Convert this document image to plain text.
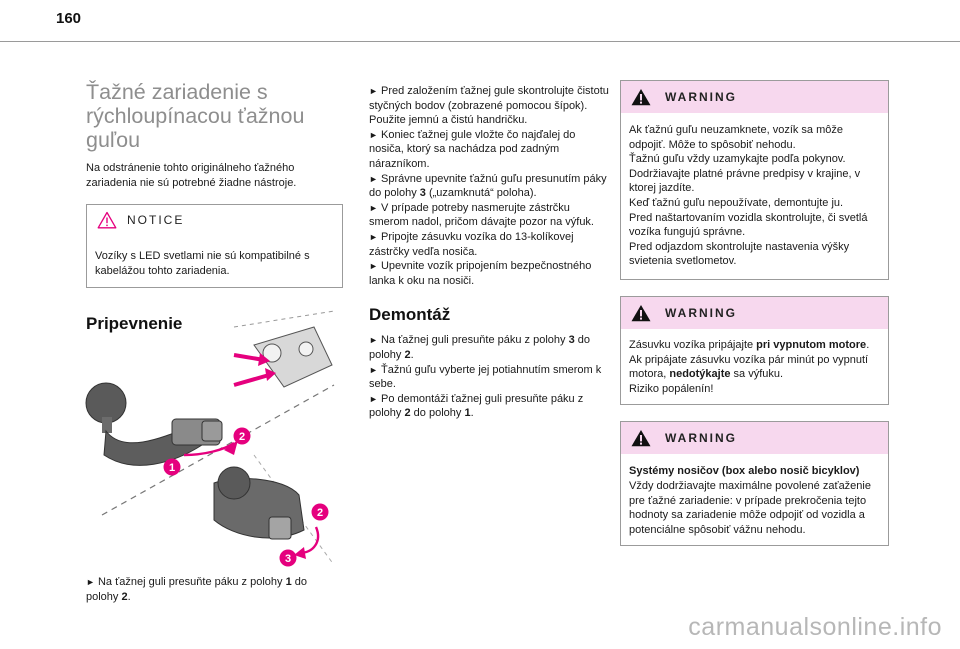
160
Ťažné zariadenie s
rýchloupínacou ťažnou
guľou

Na odstránenie tohto originálneho ťažného zariadenia nie sú potrebné žiadne nástroje.

NOTICE
Vozíky s LED svetlami nie sú kompatibilné s kabelážou tohto zariadenia.
Pripevnenie
2
1
2
3

► Na ťažnej guli presuňte páku z polohy 1 do polohy 2.

► Pred založením ťažnej gule skontrolujte čistotu styčných bodov (zobrazené pomocou šípok). Použite jemnú a čistú handričku.

► Koniec ťažnej gule vložte čo najďalej do nosiča, ktorý sa nachádza pod zadným nárazníkom.

► Správne upevnite ťažnú guľu presunutím páky do polohy 3 („uzamknutá“ poloha).

► V prípade potreby nasmerujte zástrčku smerom nadol, pričom dávajte pozor na výfuk.

► Pripojte zásuvku vozíka do 13-kolíkovej zástrčky vedľa nosiča.

► Upevnite vozík pripojením bezpečnostného lanka k oku na nosiči.

Demontáž

► Na ťažnej guli presuňte páku z polohy 3 do polohy 2.

► Ťažnú guľu vyberte jej potiahnutím smerom k sebe.

► Po demontáži ťažnej guli presuňte páku z polohy 2 do polohy 1.

WARNING
Ak ťažnú guľu neuzamknete, vozík sa môže odpojiť. Môže to spôsobiť nehodu.
Ťažnú guľu vždy uzamykajte podľa pokynov.
Dodržiavajte platné právne predpisy v krajine, v ktorej jazdíte.
Keď ťažnú guľu nepoužívate, demontujte ju.
Pred naštartovaním vozidla skontrolujte, či svetlá vozíka fungujú správne.
Pred odjazdom skontrolujte nastavenia výšky svietenia svetlometov.
WARNING
Zásuvku vozíka pripájajte pri vypnutom motore.
Ak pripájate zásuvku vozíka pár minút po vypnutí motora, nedotýkajte sa výfuku.
Riziko popálenín!
WARNING
Systémy nosičov (box alebo nosič bicyklov)
Vždy dodržiavajte maximálne povolené zaťaženie pre ťažné zariadenie: v prípade prekročenia tejto hodnoty sa zariadenie môže odpojiť od vozidla a potenciálne spôsobiť vážnu nehodu.
carmanualsonline.info
